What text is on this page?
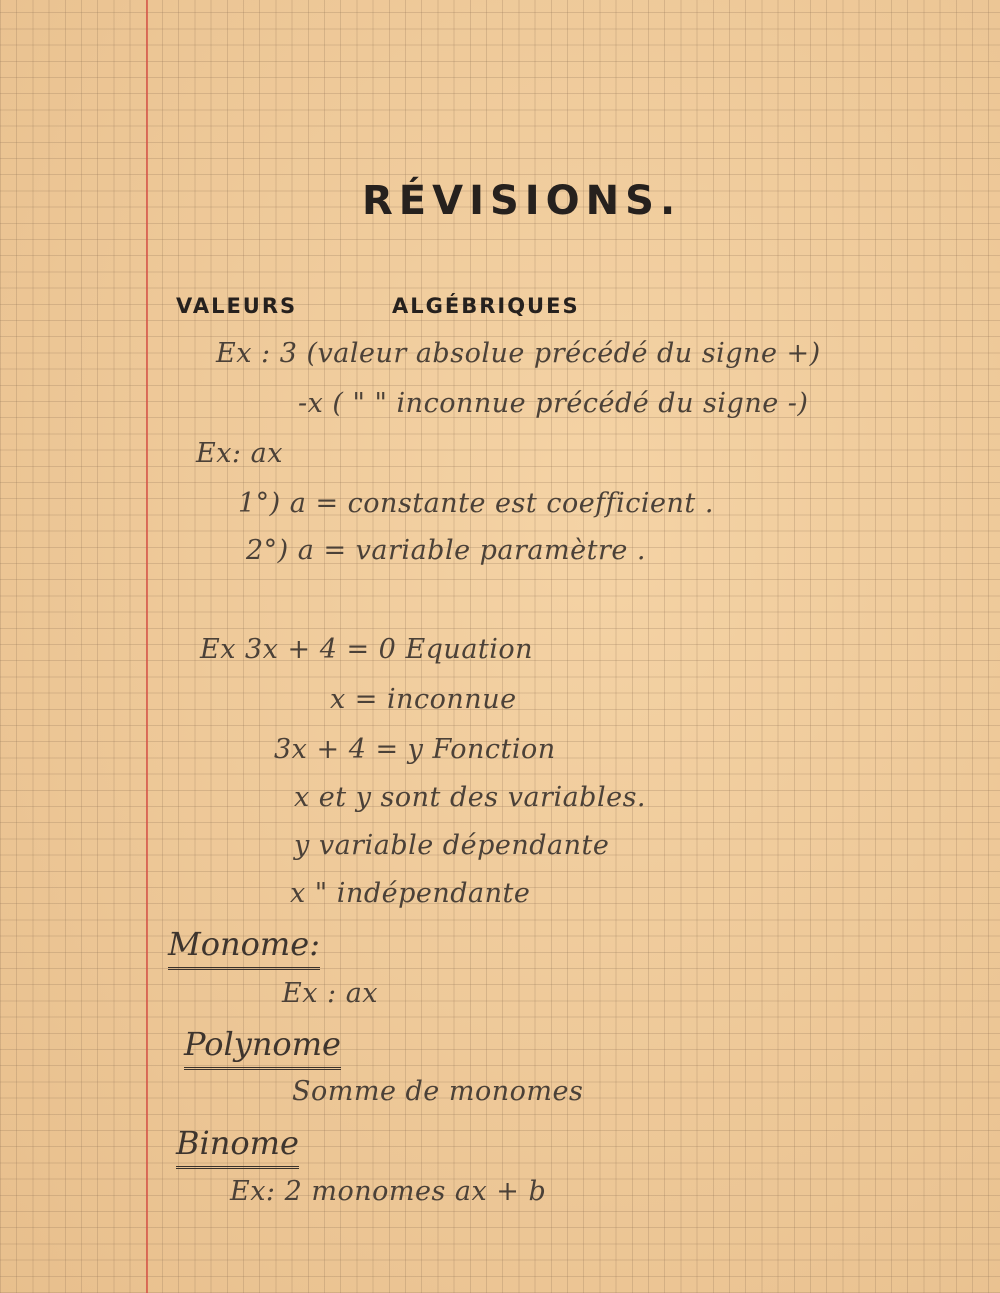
RÉVISIONS.
VALEURS	ALGÉBRIQUES
Ex : 3 (valeur absolue précédé du signe +)
-x ( " " inconnue précédé du signe -)
Ex: ax
1°) a = constante est coefficient .
2°) a = variable paramètre .
Ex 3x + 4 = 0 Equation
x = inconnue
3x + 4 = y Fonction
x et y sont des variables.
y variable dépendante
x " indépendante
Monome:
Ex : ax
Polynome
Somme de monomes
Binome
Ex: 2 monomes ax + b
